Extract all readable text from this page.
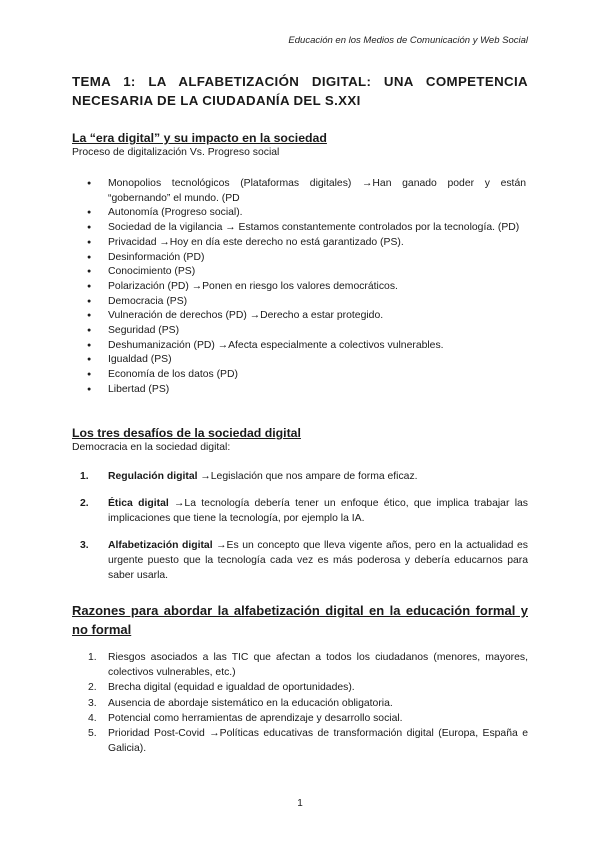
Educación en los Medios de Comunicación y Web Social
TEMA 1: LA ALFABETIZACIÓN DIGITAL: UNA COMPETENCIA NECESARIA DE LA CIUDADANÍA DEL S.XXI
La “era digital” y su impacto en la sociedad

Proceso de digitalización Vs. Progreso social

● Monopolios tecnológicos (Plataformas digitales) →Han ganado poder y están “gobernando” el mundo. (PD
● Autonomía (Progreso social).
● Sociedad de la vigilancia → Estamos constantemente controlados por la tecnología. (PD)
● Privacidad →Hoy en día este derecho no está garantizado (PS).
● Desinformación (PD)
● Conocimiento (PS)
● Polarización (PD) →Ponen en riesgo los valores democráticos.
● Democracia (PS)
● Vulneración de derechos (PD) →Derecho a estar protegido.
● Seguridad (PS)
● Deshumanización (PD) →Afecta especialmente a colectivos vulnerables.
● Igualdad (PS)
● Economía de los datos (PD)
● Libertad (PS)
Los tres desafíos de la sociedad digital

Democracia en la sociedad digital:

1. Regulación digital →Legislación que nos ampare de forma eficaz.
2. Ética digital →La tecnología debería tener un enfoque ético, que implica trabajar las implicaciones que tiene la tecnología, por ejemplo la IA.
3. Alfabetización digital →Es un concepto que lleva vigente años, pero en la actualidad es urgente puesto que la tecnología cada vez es más poderosa y debería educarnos para saber usarla.
Razones para abordar la alfabetización digital en la educación formal y no formal
1. Riesgos asociados a las TIC que afectan a todos los ciudadanos (menores, mayores, colectivos vulnerables, etc.)
2. Brecha digital (equidad e igualdad de oportunidades).
3. Ausencia de abordaje sistemático en la educación obligatoria.
4. Potencial como herramientas de aprendizaje y desarrollo social.
5. Prioridad Post-Covid →Políticas educativas de transformación digital (Europa, España e Galicia).
1
